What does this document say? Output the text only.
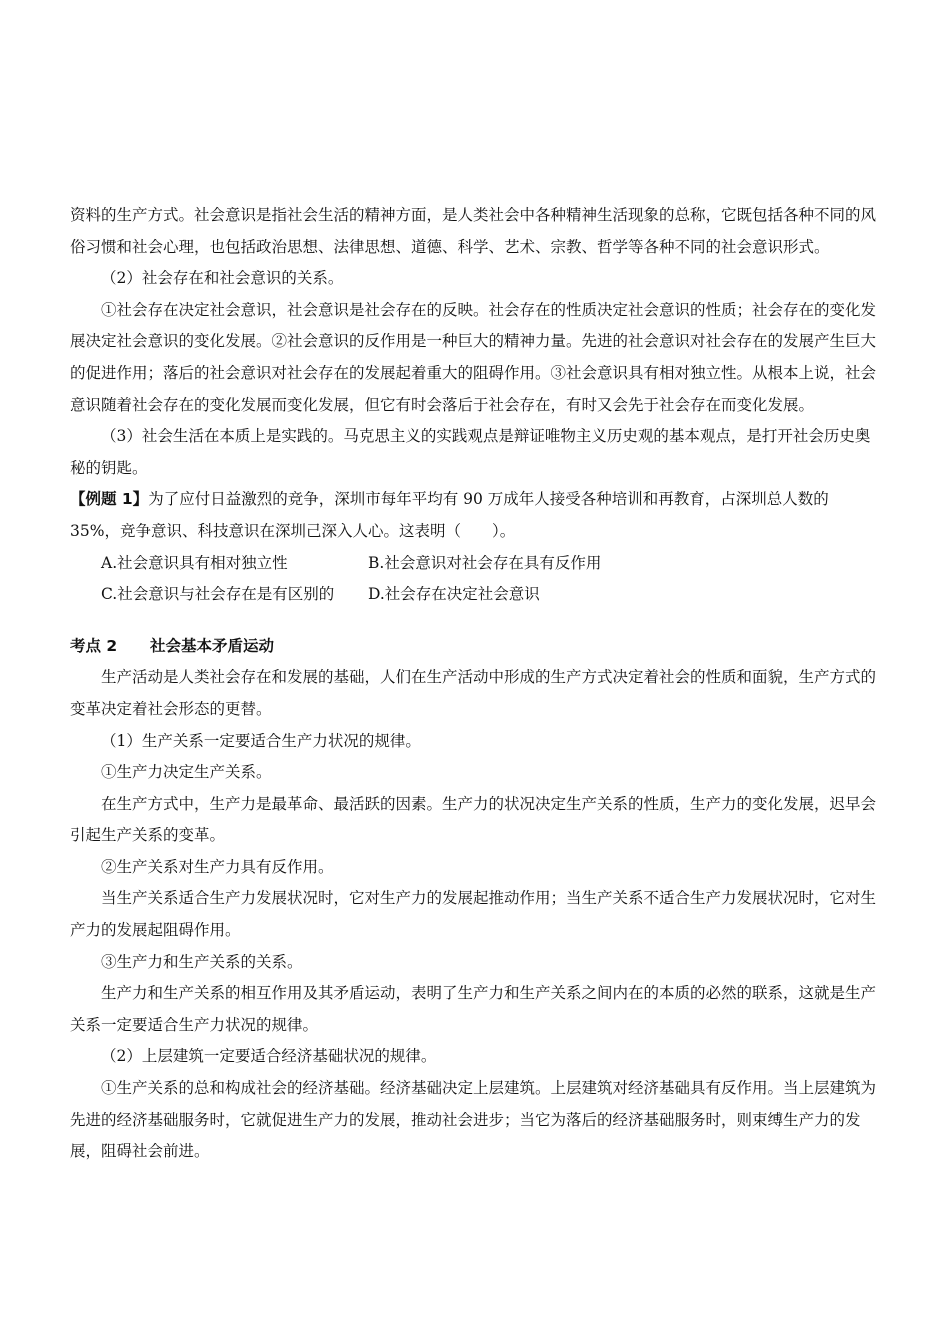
资料的生产方式。社会意识是指社会生活的精神方面，是人类社会中各种精神生活现象的总称，它既包括各种不同的风俗习惯和社会心理，也包括政治思想、法律思想、道德、科学、艺术、宗教、哲学等各种不同的社会意识形式。

（2）社会存在和社会意识的关系。

①社会存在决定社会意识，社会意识是社会存在的反映。社会存在的性质决定社会意识的性质；社会存在的变化发展决定社会意识的变化发展。②社会意识的反作用是一种巨大的精神力量。先进的社会意识对社会存在的发展产生巨大的促进作用；落后的社会意识对社会存在的发展起着重大的阻碍作用。③社会意识具有相对独立性。从根本上说，社会意识随着社会存在的变化发展而变化发展，但它有时会落后于社会存在，有时又会先于社会存在而变化发展。

（3）社会生活在本质上是实践的。马克思主义的实践观点是辩证唯物主义历史观的基本观点，是打开社会历史奥秘的钥匙。

【例题 1】为了应付日益激烈的竞争，深圳市每年平均有 90 万成年人接受各种培训和再教育，占深圳总人数的 35%，竞争意识、科技意识在深圳己深入人心。这表明（　　）。

A.社会意识具有相对独立性	B.社会意识对社会存在具有反作用
C.社会意识与社会存在是有区别的	D.社会存在决定社会意识

考点 2 社会基本矛盾运动

生产活动是人类社会存在和发展的基础，人们在生产活动中形成的生产方式决定着社会的性质和面貌，生产方式的变革决定着社会形态的更替。

（1）生产关系一定要适合生产力状况的规律。

①生产力决定生产关系。

在生产方式中，生产力是最革命、最活跃的因素。生产力的状况决定生产关系的性质，生产力的变化发展，迟早会引起生产关系的变革。

②生产关系对生产力具有反作用。

当生产关系适合生产力发展状况时，它对生产力的发展起推动作用；当生产关系不适合生产力发展状况时，它对生产力的发展起阻碍作用。

③生产力和生产关系的关系。

生产力和生产关系的相互作用及其矛盾运动，表明了生产力和生产关系之间内在的本质的必然的联系，这就是生产关系一定要适合生产力状况的规律。

（2）上层建筑一定要适合经济基础状况的规律。

①生产关系的总和构成社会的经济基础。经济基础决定上层建筑。上层建筑对经济基础具有反作用。当上层建筑为先进的经济基础服务时，它就促进生产力的发展，推动社会进步；当它为落后的经济基础服务时，则束缚生产力的发展，阻碍社会前进。
